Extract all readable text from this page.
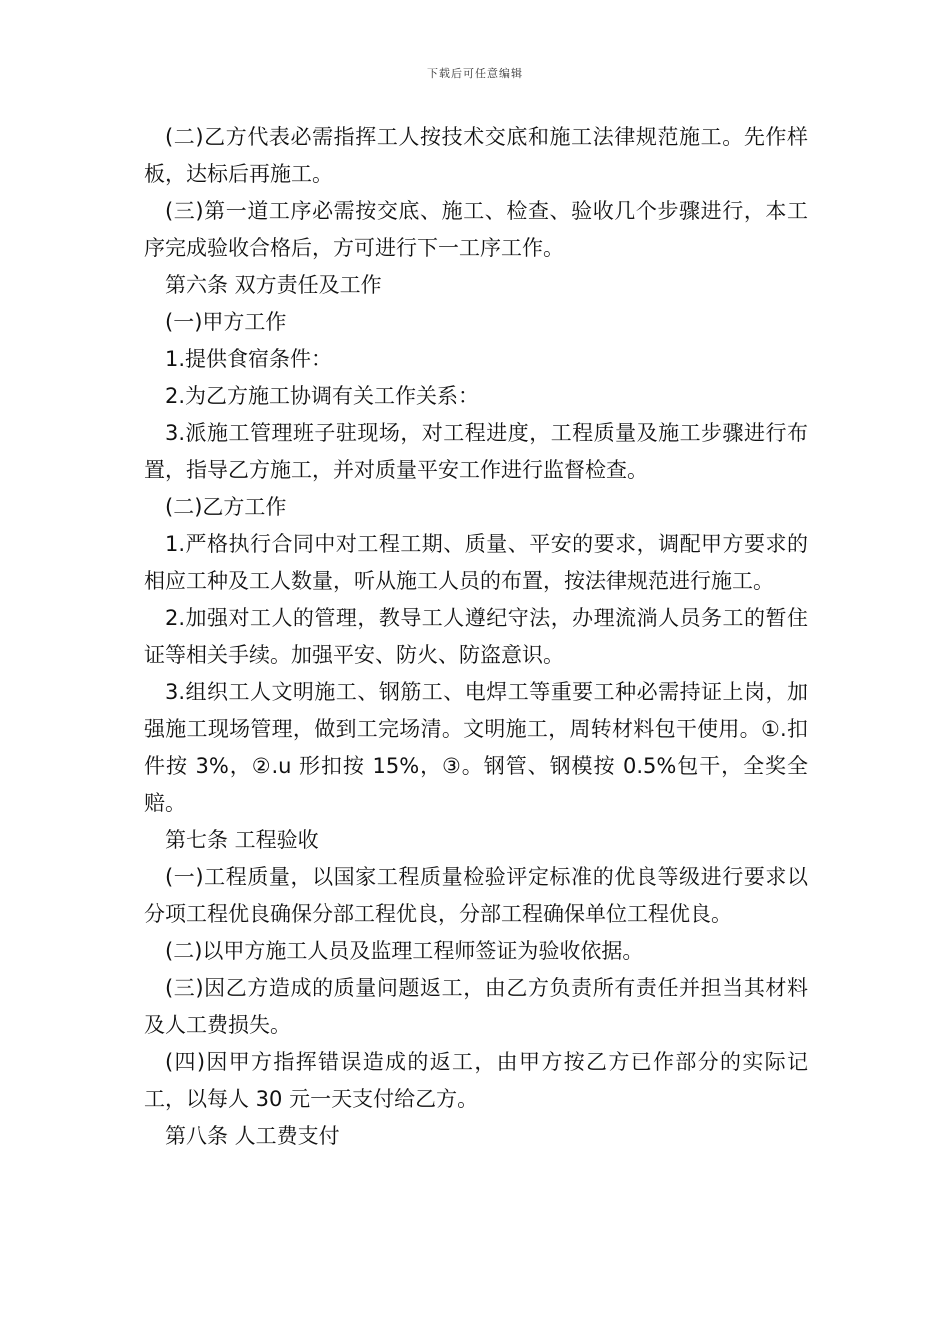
下载后可任意编辑

(二)乙方代表必需指挥工人按技术交底和施工法律规范施工。先作样板，达标后再施工。

(三)第一道工序必需按交底、施工、检查、验收几个步骤进行，本工序完成验收合格后，方可进行下一工序工作。

第六条 双方责任及工作

(一)甲方工作

1.提供食宿条件：

2.为乙方施工协调有关工作关系：

3.派施工管理班子驻现场，对工程进度，工程质量及施工步骤进行布置，指导乙方施工，并对质量平安工作进行监督检查。

(二)乙方工作

1.严格执行合同中对工程工期、质量、平安的要求，调配甲方要求的相应工种及工人数量，听从施工人员的布置，按法律规范进行施工。

2.加强对工人的管理，教导工人遵纪守法，办理流淌人员务工的暂住证等相关手续。加强平安、防火、防盗意识。

3.组织工人文明施工、钢筋工、电焊工等重要工种必需持证上岗，加强施工现场管理，做到工完场清。文明施工，周转材料包干使用。①.扣件按 3%，②.u 形扣按 15%，③。钢管、钢模按 0.5%包干，全奖全赔。

第七条 工程验收

(一)工程质量，以国家工程质量检验评定标准的优良等级进行要求以分项工程优良确保分部工程优良，分部工程确保单位工程优良。

(二)以甲方施工人员及监理工程师签证为验收依据。

(三)因乙方造成的质量问题返工，由乙方负责所有责任并担当其材料及人工费损失。

(四)因甲方指挥错误造成的返工，由甲方按乙方已作部分的实际记工，以每人 30 元一天支付给乙方。

第八条 人工费支付
